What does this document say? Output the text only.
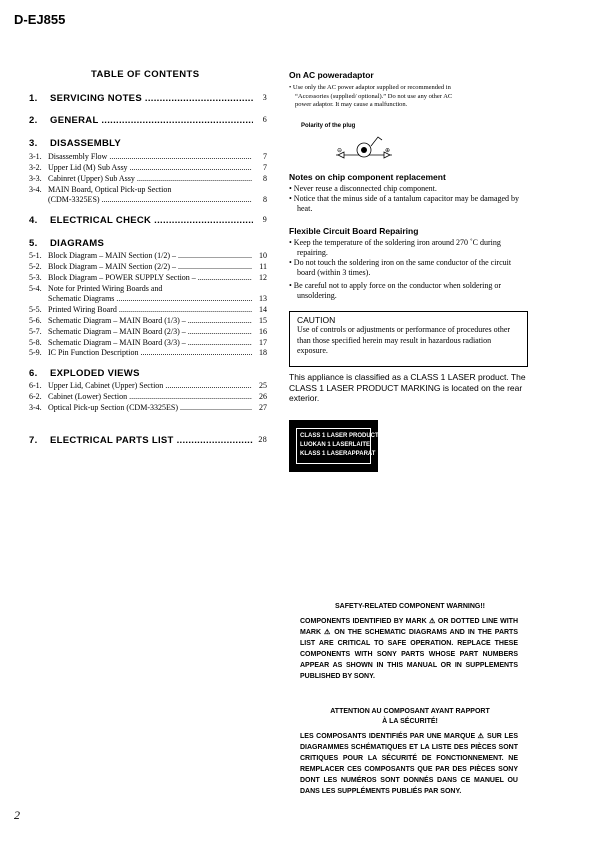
D-EJ855
2
TABLE OF CONTENTS
1. SERVICING NOTES .....	3
2. GENERAL .....	6
3. DISASSEMBLY
3-1. Disassembly Flow .....	7
3-2. Upper Lid (M) Sub Assy .....	7
3-3. Cabinret (Upper) Sub Assy .....	8
3-4. MAIN Board, Optical Pick-up Section
(CDM-3325ES) .....	8
4. ELECTRICAL CHECK .....	9
5. DIAGRAMS
5-1. Block Diagram – MAIN Section (1/2) – .....	10
5-2. Block Diagram – MAIN Section (2/2) – .....	11
5-3. Block Diagram – POWER SUPPLY Section – .....	12
5-4. Note for Printed Wiring Boards and
Schematic Diagrams .....	13
5-5. Printed Wiring Board .....	14
5-6. Schematic Diagram – MAIN Board (1/3) – .....	15
5-7. Schematic Diagram – MAIN Board (2/3) – .....	16
5-8. Schematic Diagram – MAIN Board (3/3) – .....	17
5-9. IC Pin Function Description .....	18
6. EXPLODED VIEWS
6-1. Upper Lid, Cabinet (Upper) Section .....	25
6-2. Cabinet (Lower) Section .....	26
3-4. Optical Pick-up Section (CDM-3325ES) .....	27
7. ELECTRICAL PARTS LIST .....	28
On AC poweradaptor
• Use only the AC power adaptor supplied or recommended in “Accessories (supplied/ optional).” Do not use any other AC power adaptor. It may cause a malfunction.
Polarity of the plug
⊖	⊕
Notes on chip component replacement
• Never reuse a disconnected chip component.
• Notice that the minus side of a tantalum capacitor may be damaged by heat.
Flexible Circuit Board Repairing
• Keep the temperature of the soldering iron around 270 ˚C during repairing.
• Do not touch the soldering iron on the same conductor of the circuit board (within 3 times).
• Be careful not to apply force on the conductor when soldering or unsoldering.
CAUTION
Use of controls or adjustments or performance of procedures other than those specified herein may result in hazardous radiation exposure.
This appliance is classified as a CLASS 1 LASER product. The CLASS 1 LASER PRODUCT MARKING is located on the rear exterior.
CLASS 1 LASER PRODUCT
LUOKAN 1 LASERLAITE
KLASS 1 LASERAPPARAT
SAFETY-RELATED COMPONENT WARNING!!
COMPONENTS IDENTIFIED BY MARK ⚠ OR DOTTED LINE WITH MARK ⚠ ON THE SCHEMATIC DIAGRAMS AND IN THE PARTS LIST ARE CRITICAL TO SAFE OPERATION. REPLACE THESE COMPONENTS WITH SONY PARTS WHOSE PART NUMBERS APPEAR AS SHOWN IN THIS MANUAL OR IN SUPPLEMENTS PUBLISHED BY SONY.
ATTENTION AU COMPOSANT AYANT RAPPORT
À LA SÉCURITÉ!
LES COMPOSANTS IDENTIFIÉS PAR UNE MARQUE ⚠ SUR LES DIAGRAMMES SCHÉMATIQUES ET LA LISTE DES PIÈCES SONT CRITIQUES POUR LA SÉCURITÉ DE FONCTIONNEMENT. NE REMPLACER CES COMPOSANTS QUE PAR DES PIÈCES SONY DONT LES NUMÉROS SONT DONNÉS DANS CE MANUEL OU DANS LES SUPPLÉMENTS PUBLIÉS PAR SONY.
